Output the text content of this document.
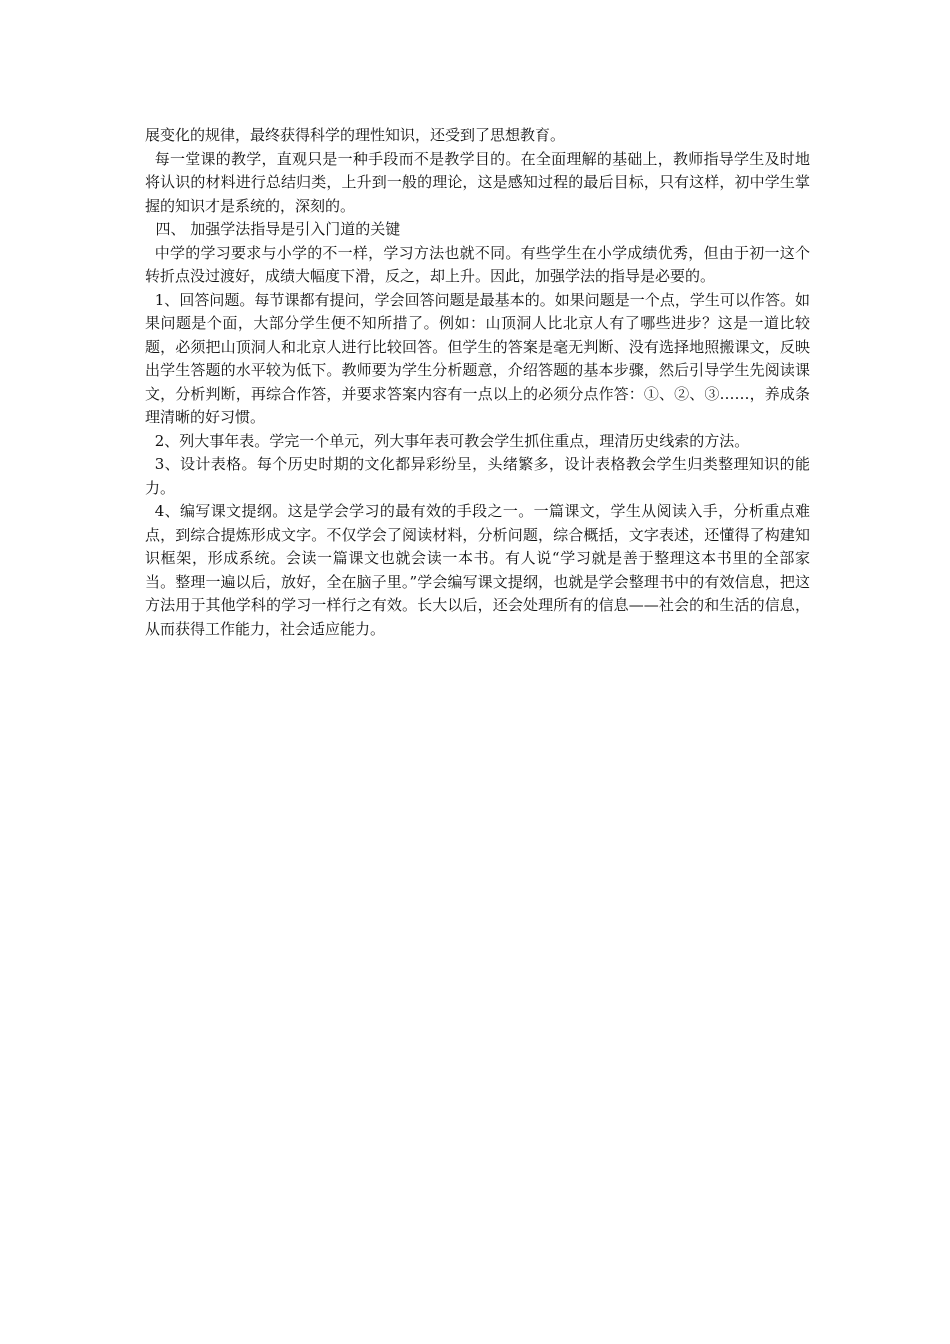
展变化的规律，最终获得科学的理性知识，还受到了思想教育。

每一堂课的教学，直观只是一种手段而不是教学目的。在全面理解的基础上，教师指导学生及时地将认识的材料进行总结归类，上升到一般的理论，这是感知过程的最后目标，只有这样，初中学生掌握的知识才是系统的，深刻的。

四、 加强学法指导是引入门道的关键

中学的学习要求与小学的不一样，学习方法也就不同。有些学生在小学成绩优秀，但由于初一这个转折点没过渡好，成绩大幅度下滑，反之，却上升。因此，加强学法的指导是必要的。

1、回答问题。每节课都有提问，学会回答问题是最基本的。如果问题是一个点，学生可以作答。如果问题是个面，大部分学生便不知所措了。例如：山顶洞人比北京人有了哪些进步？这是一道比较题，必须把山顶洞人和北京人进行比较回答。但学生的答案是毫无判断、没有选择地照搬课文，反映出学生答题的水平较为低下。教师要为学生分析题意，介绍答题的基本步骤，然后引导学生先阅读课文，分析判断，再综合作答，并要求答案内容有一点以上的必须分点作答：①、②、③……，养成条理清晰的好习惯。

2、列大事年表。学完一个单元，列大事年表可教会学生抓住重点，理清历史线索的方法。

3、设计表格。每个历史时期的文化都异彩纷呈，头绪繁多，设计表格教会学生归类整理知识的能力。

4、编写课文提纲。这是学会学习的最有效的手段之一。一篇课文，学生从阅读入手，分析重点难点，到综合提炼形成文字。不仅学会了阅读材料，分析问题，综合概括，文字表述，还懂得了构建知识框架，形成系统。会读一篇课文也就会读一本书。有人说“学习就是善于整理这本书里的全部家当。整理一遍以后，放好，全在脑子里。”学会编写课文提纲，也就是学会整理书中的有效信息，把这方法用于其他学科的学习一样行之有效。长大以后，还会处理所有的信息——社会的和生活的信息，从而获得工作能力，社会适应能力。
